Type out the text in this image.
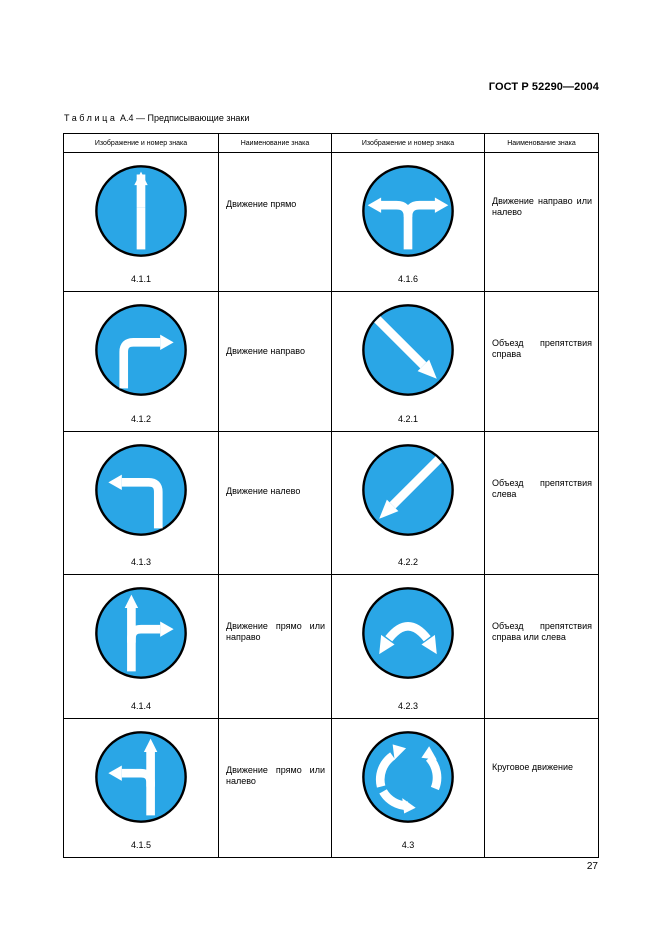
ГОСТ Р 52290—2004
Таблица А.4 — Предписывающие знаки
Изображение и номер знака	Наименование знака	Изображение и номер знака	Наименование знака

4.1.1	Движение прямо	4.1.6	Движение направо или налево

4.1.2	Движение направо	4.2.1	Объезд препятствия справа

4.1.3	Движение налево	4.2.2	Объезд препятствия слева

4.1.4	Движение прямо или направо	4.2.3	Объезд препятствия справа или слева

4.1.5	Движение прямо или налево	4.3	Круговое движение
27
